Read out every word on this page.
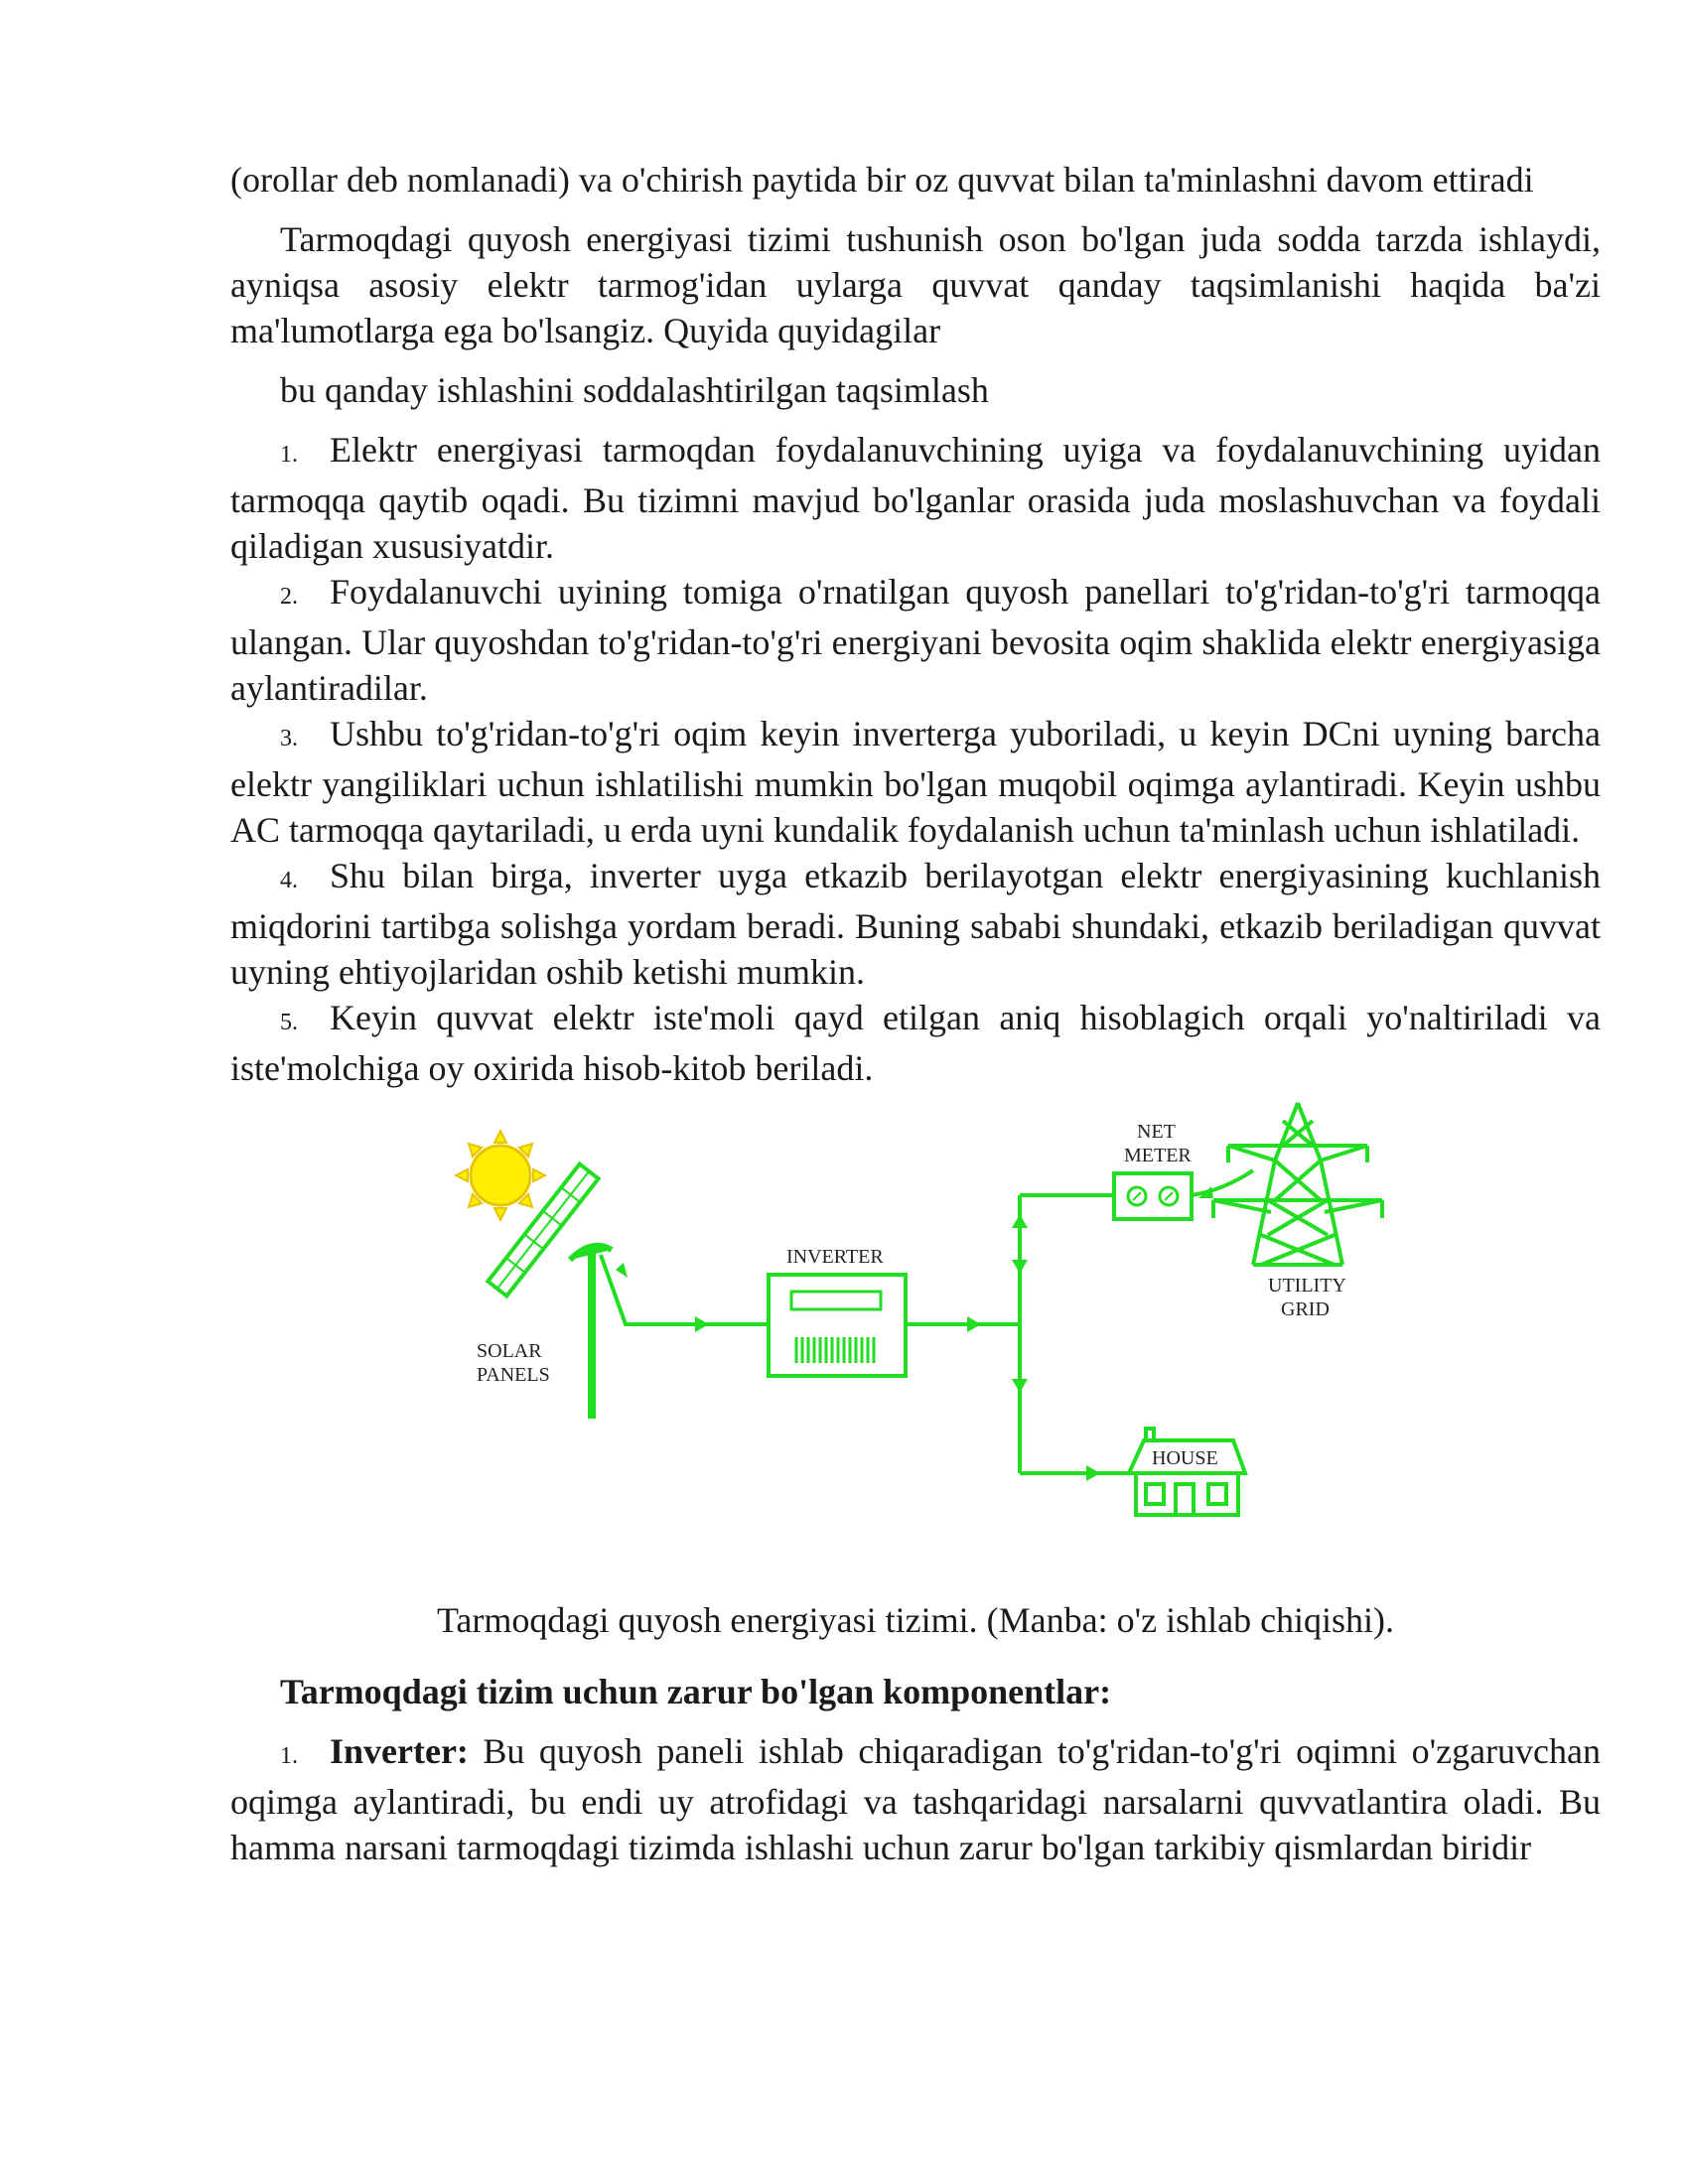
(orollar deb nomlanadi) va o'chirish paytida bir oz quvvat bilan ta'minlashni davom ettiradi

Tarmoqdagi quyosh energiyasi tizimi tushunish oson bo'lgan juda sodda tarzda ishlaydi, ayniqsa asosiy elektr tarmog'idan uylarga quvvat qanday taqsimlanishi haqida ba'zi ma'lumotlarga ega bo'lsangiz. Quyida quyidagilar

bu qanday ishlashini soddalashtirilgan taqsimlash

1. Elektr energiyasi tarmoqdan foydalanuvchining uyiga va foydalanuvchining uyidan tarmoqqa qaytib oqadi. Bu tizimni mavjud bo'lganlar orasida juda moslashuvchan va foydali qiladigan xususiyatdir.

2. Foydalanuvchi uyining tomiga o'rnatilgan quyosh panellari to'g'ridan-to'g'ri tarmoqqa ulangan. Ular quyoshdan to'g'ridan-to'g'ri energiyani bevosita oqim shaklida elektr energiyasiga aylantiradilar.

3. Ushbu to'g'ridan-to'g'ri oqim keyin inverterga yuboriladi, u keyin DCni uyning barcha elektr yangiliklari uchun ishlatilishi mumkin bo'lgan muqobil oqimga aylantiradi. Keyin ushbu AC tarmoqqa qaytariladi, u erda uyni kundalik foydalanish uchun ta'minlash uchun ishlatiladi.

4. Shu bilan birga, inverter uyga etkazib berilayotgan elektr energiyasining kuchlanish miqdorini tartibga solishga yordam beradi. Buning sababi shundaki, etkazib beriladigan quvvat uyning ehtiyojlaridan oshib ketishi mumkin.

5. Keyin quvvat elektr iste'moli qayd etilgan aniq hisoblagich orqali yo'naltiriladi va iste'molchiga oy oxirida hisob-kitob beriladi.

SOLAR
PANELS
INVERTER
NET
METER
UTILITY
GRID
HOUSE

Tarmoqdagi quyosh energiyasi tizimi. (Manba: o'z ishlab chiqishi).

Tarmoqdagi tizim uchun zarur bo'lgan komponentlar:

1. Inverter: Bu quyosh paneli ishlab chiqaradigan to'g'ridan-to'g'ri oqimni o'zgaruvchan oqimga aylantiradi, bu endi uy atrofidagi va tashqaridagi narsalarni quvvatlantira oladi. Bu hamma narsani tarmoqdagi tizimda ishlashi uchun zarur bo'lgan tarkibiy qismlardan biridir
